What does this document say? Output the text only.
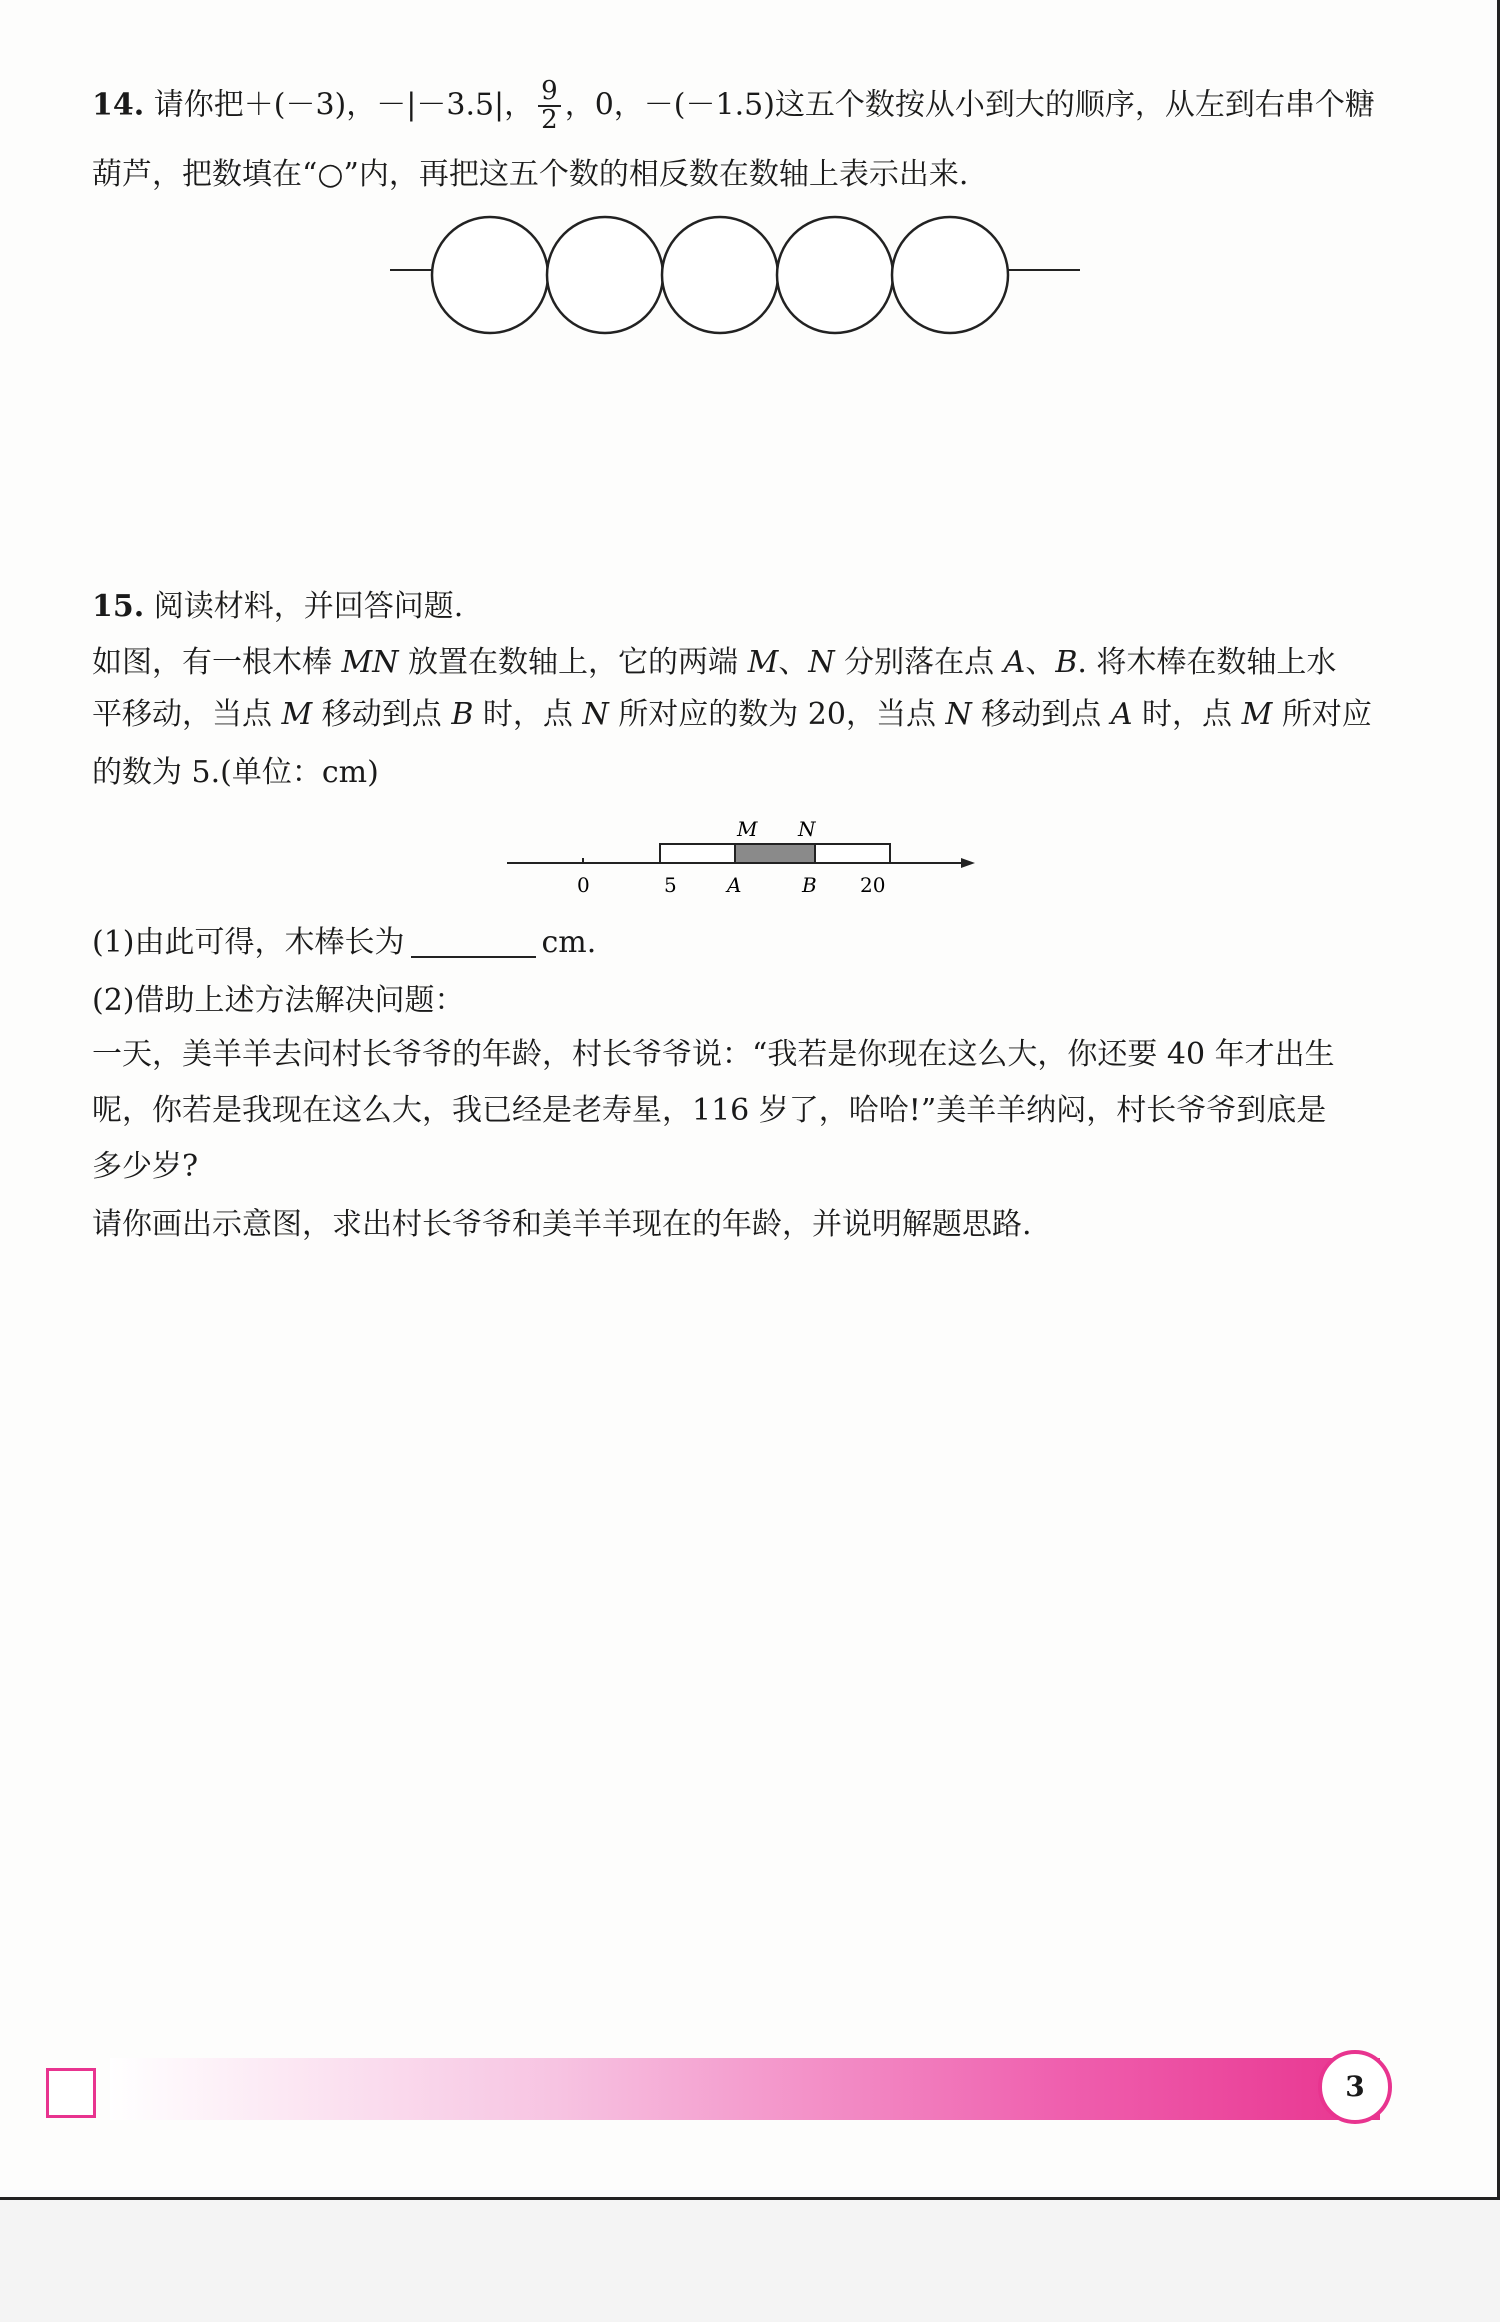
14. 请你把＋(－3)，－|－3.5|， $\frac{9}{2}$ ，0，－(－1.5)这五个数按从小到大的顺序，从左到右串个糖
葫芦，把数填在“○”内，再把这五个数的相反数在数轴上表示出来.
15. 阅读材料，并回答问题.
如图，有一根木棒 MN 放置在数轴上，它的两端 M、N 分别落在点 A、B. 将木棒在数轴上水
平移动，当点 M 移动到点 B 时，点 N 所对应的数为 20，当点 N 移动到点 A 时，点 M 所对应
的数为 5.(单位：cm)
M N
0	5	A	B 20
(1)由此可得，木棒长为	cm.
(2)借助上述方法解决问题：
一天，美羊羊去问村长爷爷的年龄，村长爷爷说：“我若是你现在这么大，你还要 40 年才出生
呢，你若是我现在这么大，我已经是老寿星，116 岁了，哈哈!”美羊羊纳闷，村长爷爷到底是
多少岁?
请你画出示意图，求出村长爷爷和美羊羊现在的年龄，并说明解题思路.
3
